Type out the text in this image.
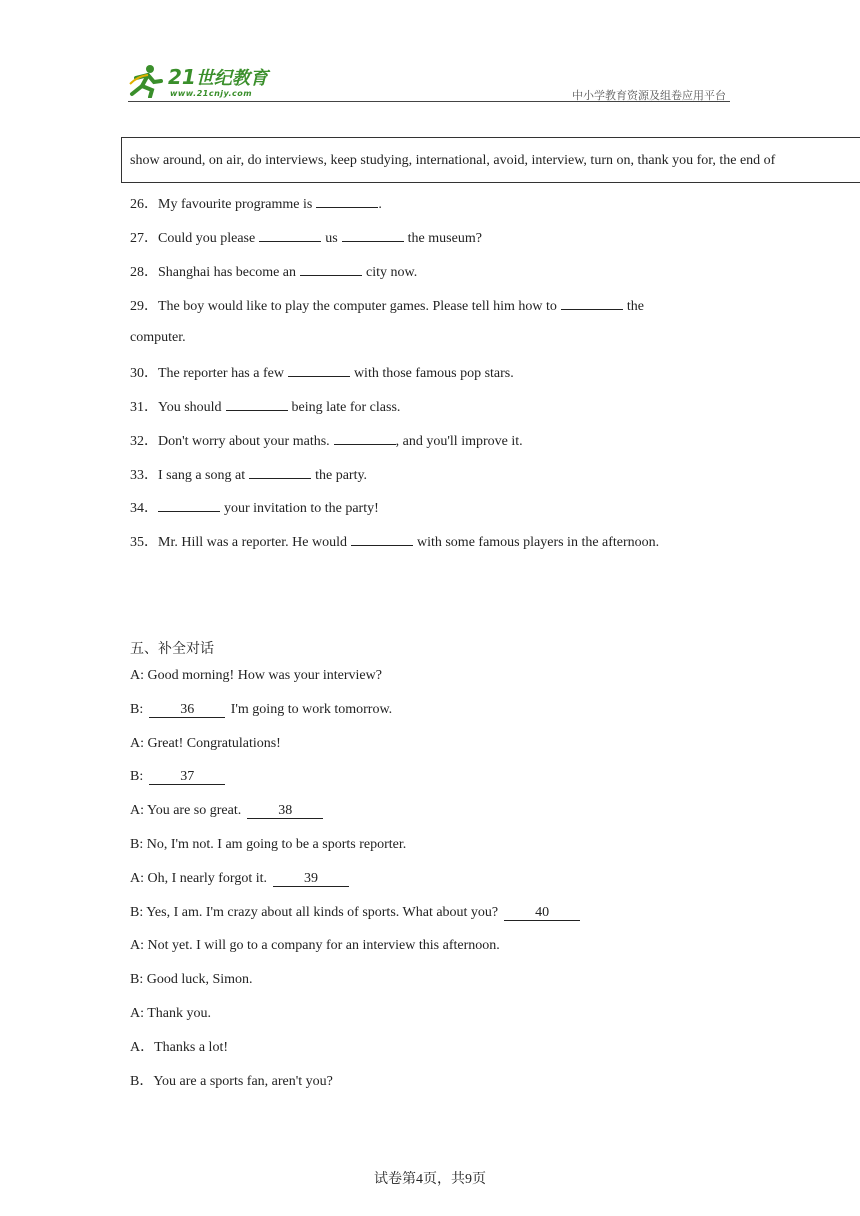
21世纪教育
www.21cnjy.com	中小学教育资源及组卷应用平台
show around, on air, do interviews, keep studying, international, avoid, interview, turn on, thank you for, the end of
26．My favourite programme is	.
27．Could you please	us	the museum?
28．Shanghai has become an	city now.
29．The boy would like to play the computer games. Please tell him how to	the
computer.
30．The reporter has a few	with those famous pop stars.
31．You should	being late for class.
32．Don't worry about your maths.	, and you'll improve it.
33．I sang a song at	the party.
34．	your invitation to the party!
35．Mr. Hill was a reporter. He would	with some famous players in the afternoon.
五、补全对话
A: Good morning! How was your interview?
B:	36	I'm going to work tomorrow.
A: Great! Congratulations!
B:	37
A: You are so great.	38
B: No, I'm not. I am going to be a sports reporter.
A: Oh, I nearly forgot it.	39
B: Yes, I am. I'm crazy about all kinds of sports. What about you?	40
A: Not yet. I will go to a company for an interview this afternoon.
B: Good luck, Simon.
A: Thank you.
A．Thanks a lot!
B．You are a sports fan, aren't you?
试卷第4页，共9页
